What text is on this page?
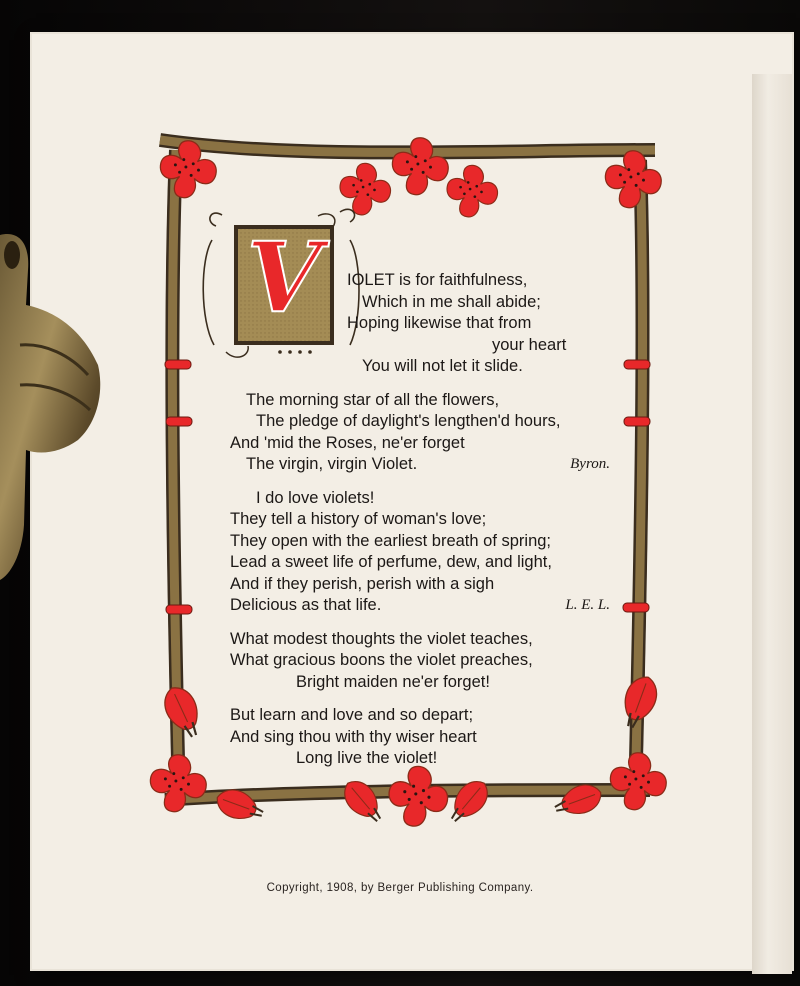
V	IOLET is for faithfulness,
Which in me shall abide;
Hoping likewise that from
your heart
You will not let it slide.
The morning star of all the flowers,
The pledge of daylight's lengthen'd hours,
And 'mid the Roses, ne'er forget
The virgin, virgin Violet.	Byron.
I do love violets!
They tell a history of woman's love;
They open with the earliest breath of spring;
Lead a sweet life of perfume, dew, and light,
And if they perish, perish with a sigh
Delicious as that life.	L. E. L.
What modest thoughts the violet teaches,
What gracious boons the violet preaches,
Bright maiden ne'er forget!
But learn and love and so depart;
And sing thou with thy wiser heart
Long live the violet!
Copyright, 1908, by Berger Publishing Company.
